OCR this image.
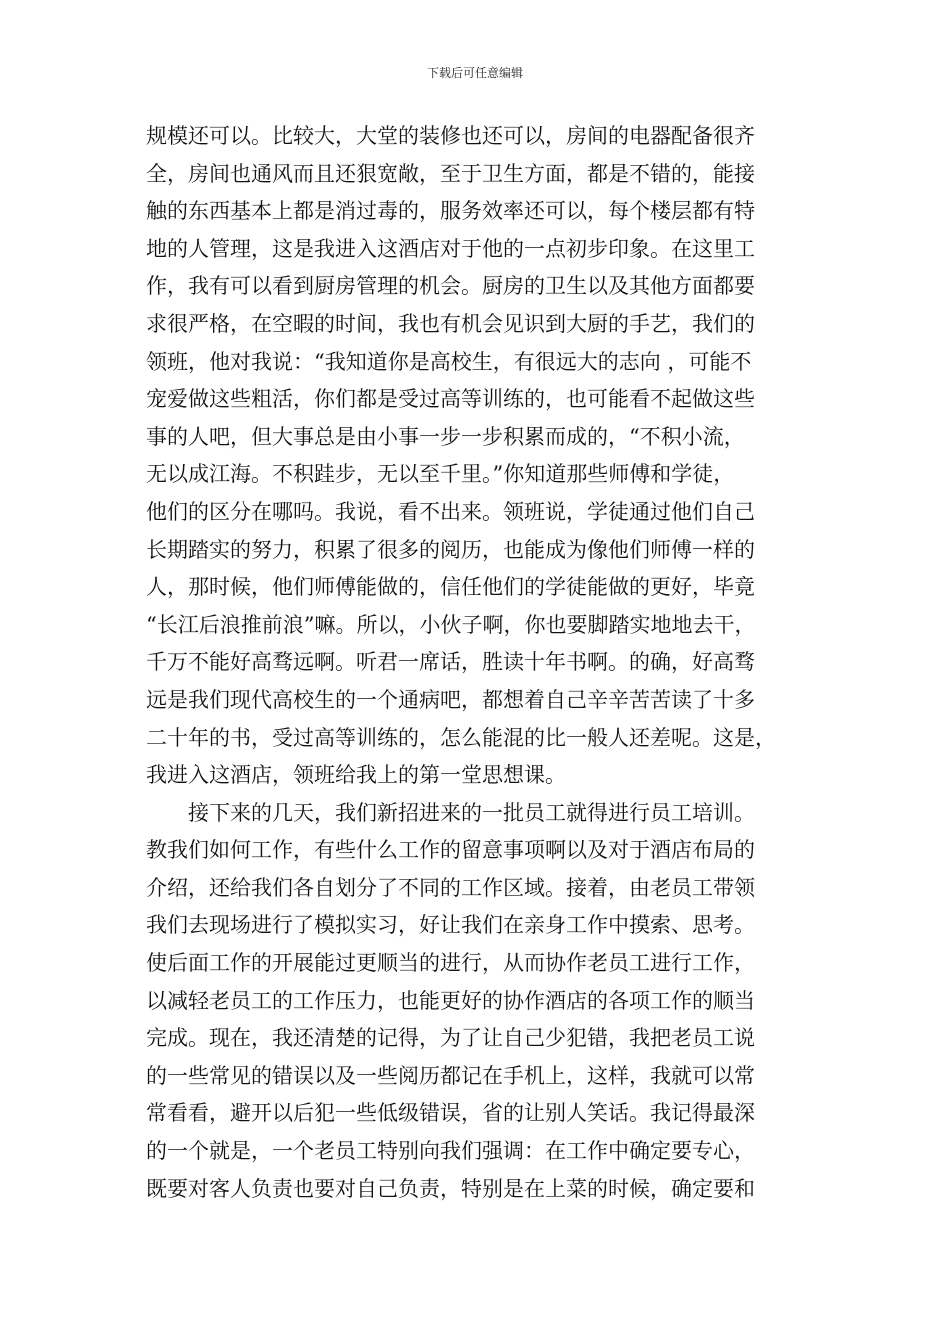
下载后可任意编辑
规模还可以。比较大，大堂的装修也还可以，房间的电器配备很齐
全，房间也通风而且还狠宽敞，至于卫生方面，都是不错的，能接
触的东西基本上都是消过毒的，服务效率还可以，每个楼层都有特
地的人管理，这是我进入这酒店对于他的一点初步印象。在这里工
作，我有可以看到厨房管理的机会。厨房的卫生以及其他方面都要
求很严格，在空暇的时间，我也有机会见识到大厨的手艺，我们的
领班，他对我说：“我知道你是高校生，有很远大的志向 ，可能不
宠爱做这些粗活，你们都是受过高等训练的，也可能看不起做这些
事的人吧，但大事总是由小事一步一步积累而成的，“不积小流，
无以成江海。不积跬步，无以至千里。”你知道那些师傅和学徒，
他们的区分在哪吗。我说，看不出来。领班说，学徒通过他们自己
长期踏实的努力，积累了很多的阅历，也能成为像他们师傅一样的
人，那时候，他们师傅能做的，信任他们的学徒能做的更好，毕竟
“长江后浪推前浪”嘛。所以，小伙子啊，你也要脚踏实地地去干，
千万不能好高骛远啊。听君一席话，胜读十年书啊。的确，好高骛
远是我们现代高校生的一个通病吧，都想着自己辛辛苦苦读了十多
二十年的书，受过高等训练的，怎么能混的比一般人还差呢。这是，
我进入这酒店，领班给我上的第一堂思想课。
　　接下来的几天，我们新招进来的一批员工就得进行员工培训。
教我们如何工作，有些什么工作的留意事项啊以及对于酒店布局的
介绍，还给我们各自划分了不同的工作区域。接着，由老员工带领
我们去现场进行了模拟实习，好让我们在亲身工作中摸索、思考。
使后面工作的开展能过更顺当的进行，从而协作老员工进行工作，
以减轻老员工的工作压力，也能更好的协作酒店的各项工作的顺当
完成。现在，我还清楚的记得，为了让自己少犯错，我把老员工说
的一些常见的错误以及一些阅历都记在手机上，这样，我就可以常
常看看，避开以后犯一些低级错误，省的让别人笑话。我记得最深
的一个就是，一个老员工特别向我们强调：在工作中确定要专心，
既要对客人负责也要对自己负责，特别是在上菜的时候，确定要和
